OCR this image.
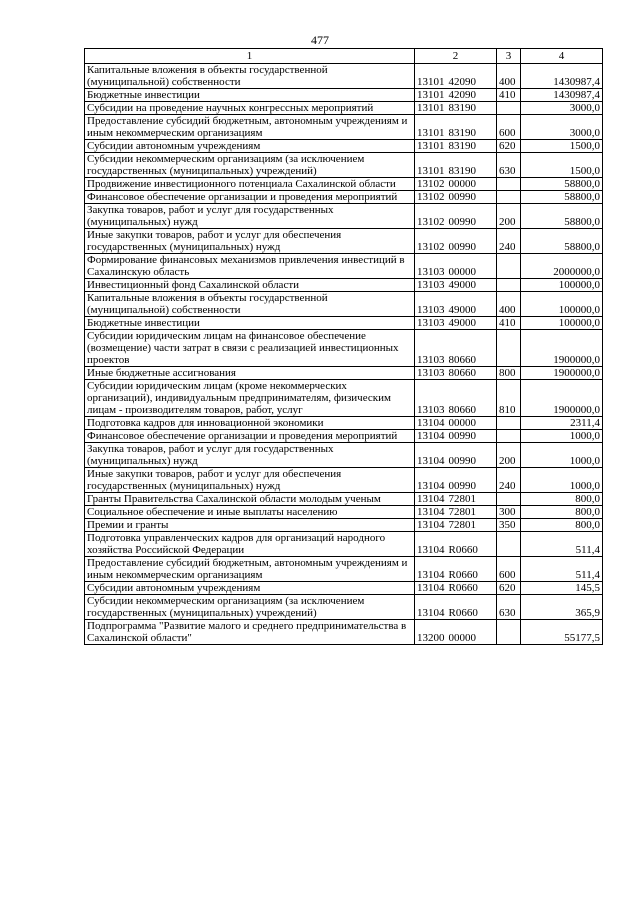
477
1	2	3	4
Капитальные вложения в объекты государственной (муниципальной) собственности	13101 42090	400	1430987,4
Бюджетные инвестиции	13101 42090	410	1430987,4
Субсидии на проведение научных конгрессных мероприятий	13101 83190		3000,0
Предоставление субсидий бюджетным, автономным учреждениям и иным некоммерческим организациям	13101 83190	600	3000,0
Субсидии автономным учреждениям	13101 83190	620	1500,0
Субсидии некоммерческим организациям (за исключением государственных (муниципальных) учреждений)	13101 83190	630	1500,0
Продвижение инвестиционного потенциала Сахалинской области	13102 00000		58800,0
Финансовое обеспечение организации и проведения мероприятий	13102 00990		58800,0
Закупка товаров, работ и услуг для государственных (муниципальных) нужд	13102 00990	200	58800,0
Иные закупки товаров, работ и услуг для обеспечения государственных (муниципальных) нужд	13102 00990	240	58800,0
Формирование финансовых механизмов привлечения инвестиций в Сахалинскую область	13103 00000		2000000,0
Инвестиционный фонд Сахалинской области	13103 49000		100000,0
Капитальные вложения в объекты государственной (муниципальной) собственности	13103 49000	400	100000,0
Бюджетные инвестиции	13103 49000	410	100000,0
Субсидии юридическим лицам на финансовое обеспечение (возмещение) части затрат в связи с реализацией инвестиционных проектов	13103 80660		1900000,0
Иные бюджетные ассигнования	13103 80660	800	1900000,0
Субсидии юридическим лицам (кроме некоммерческих организаций), индивидуальным предпринимателям, физическим лицам - производителям товаров, работ, услуг	13103 80660	810	1900000,0
Подготовка кадров для инновационной экономики	13104 00000		2311,4
Финансовое обеспечение организации и проведения мероприятий	13104 00990		1000,0
Закупка товаров, работ и услуг для государственных (муниципальных) нужд	13104 00990	200	1000,0
Иные закупки товаров, работ и услуг для обеспечения государственных (муниципальных) нужд	13104 00990	240	1000,0
Гранты Правительства Сахалинской области молодым ученым	13104 72801		800,0
Социальное обеспечение и иные выплаты населению	13104 72801	300	800,0
Премии и гранты	13104 72801	350	800,0
Подготовка управленческих кадров для организаций народного хозяйства Российской Федерации	13104 R0660		511,4
Предоставление субсидий бюджетным, автономным учреждениям и иным некоммерческим организациям	13104 R0660	600	511,4
Субсидии автономным учреждениям	13104 R0660	620	145,5
Субсидии некоммерческим организациям (за исключением государственных (муниципальных) учреждений)	13104 R0660	630	365,9
Подпрограмма "Развитие малого и среднего предпринимательства в Сахалинской области"	13200 00000		55177,5
